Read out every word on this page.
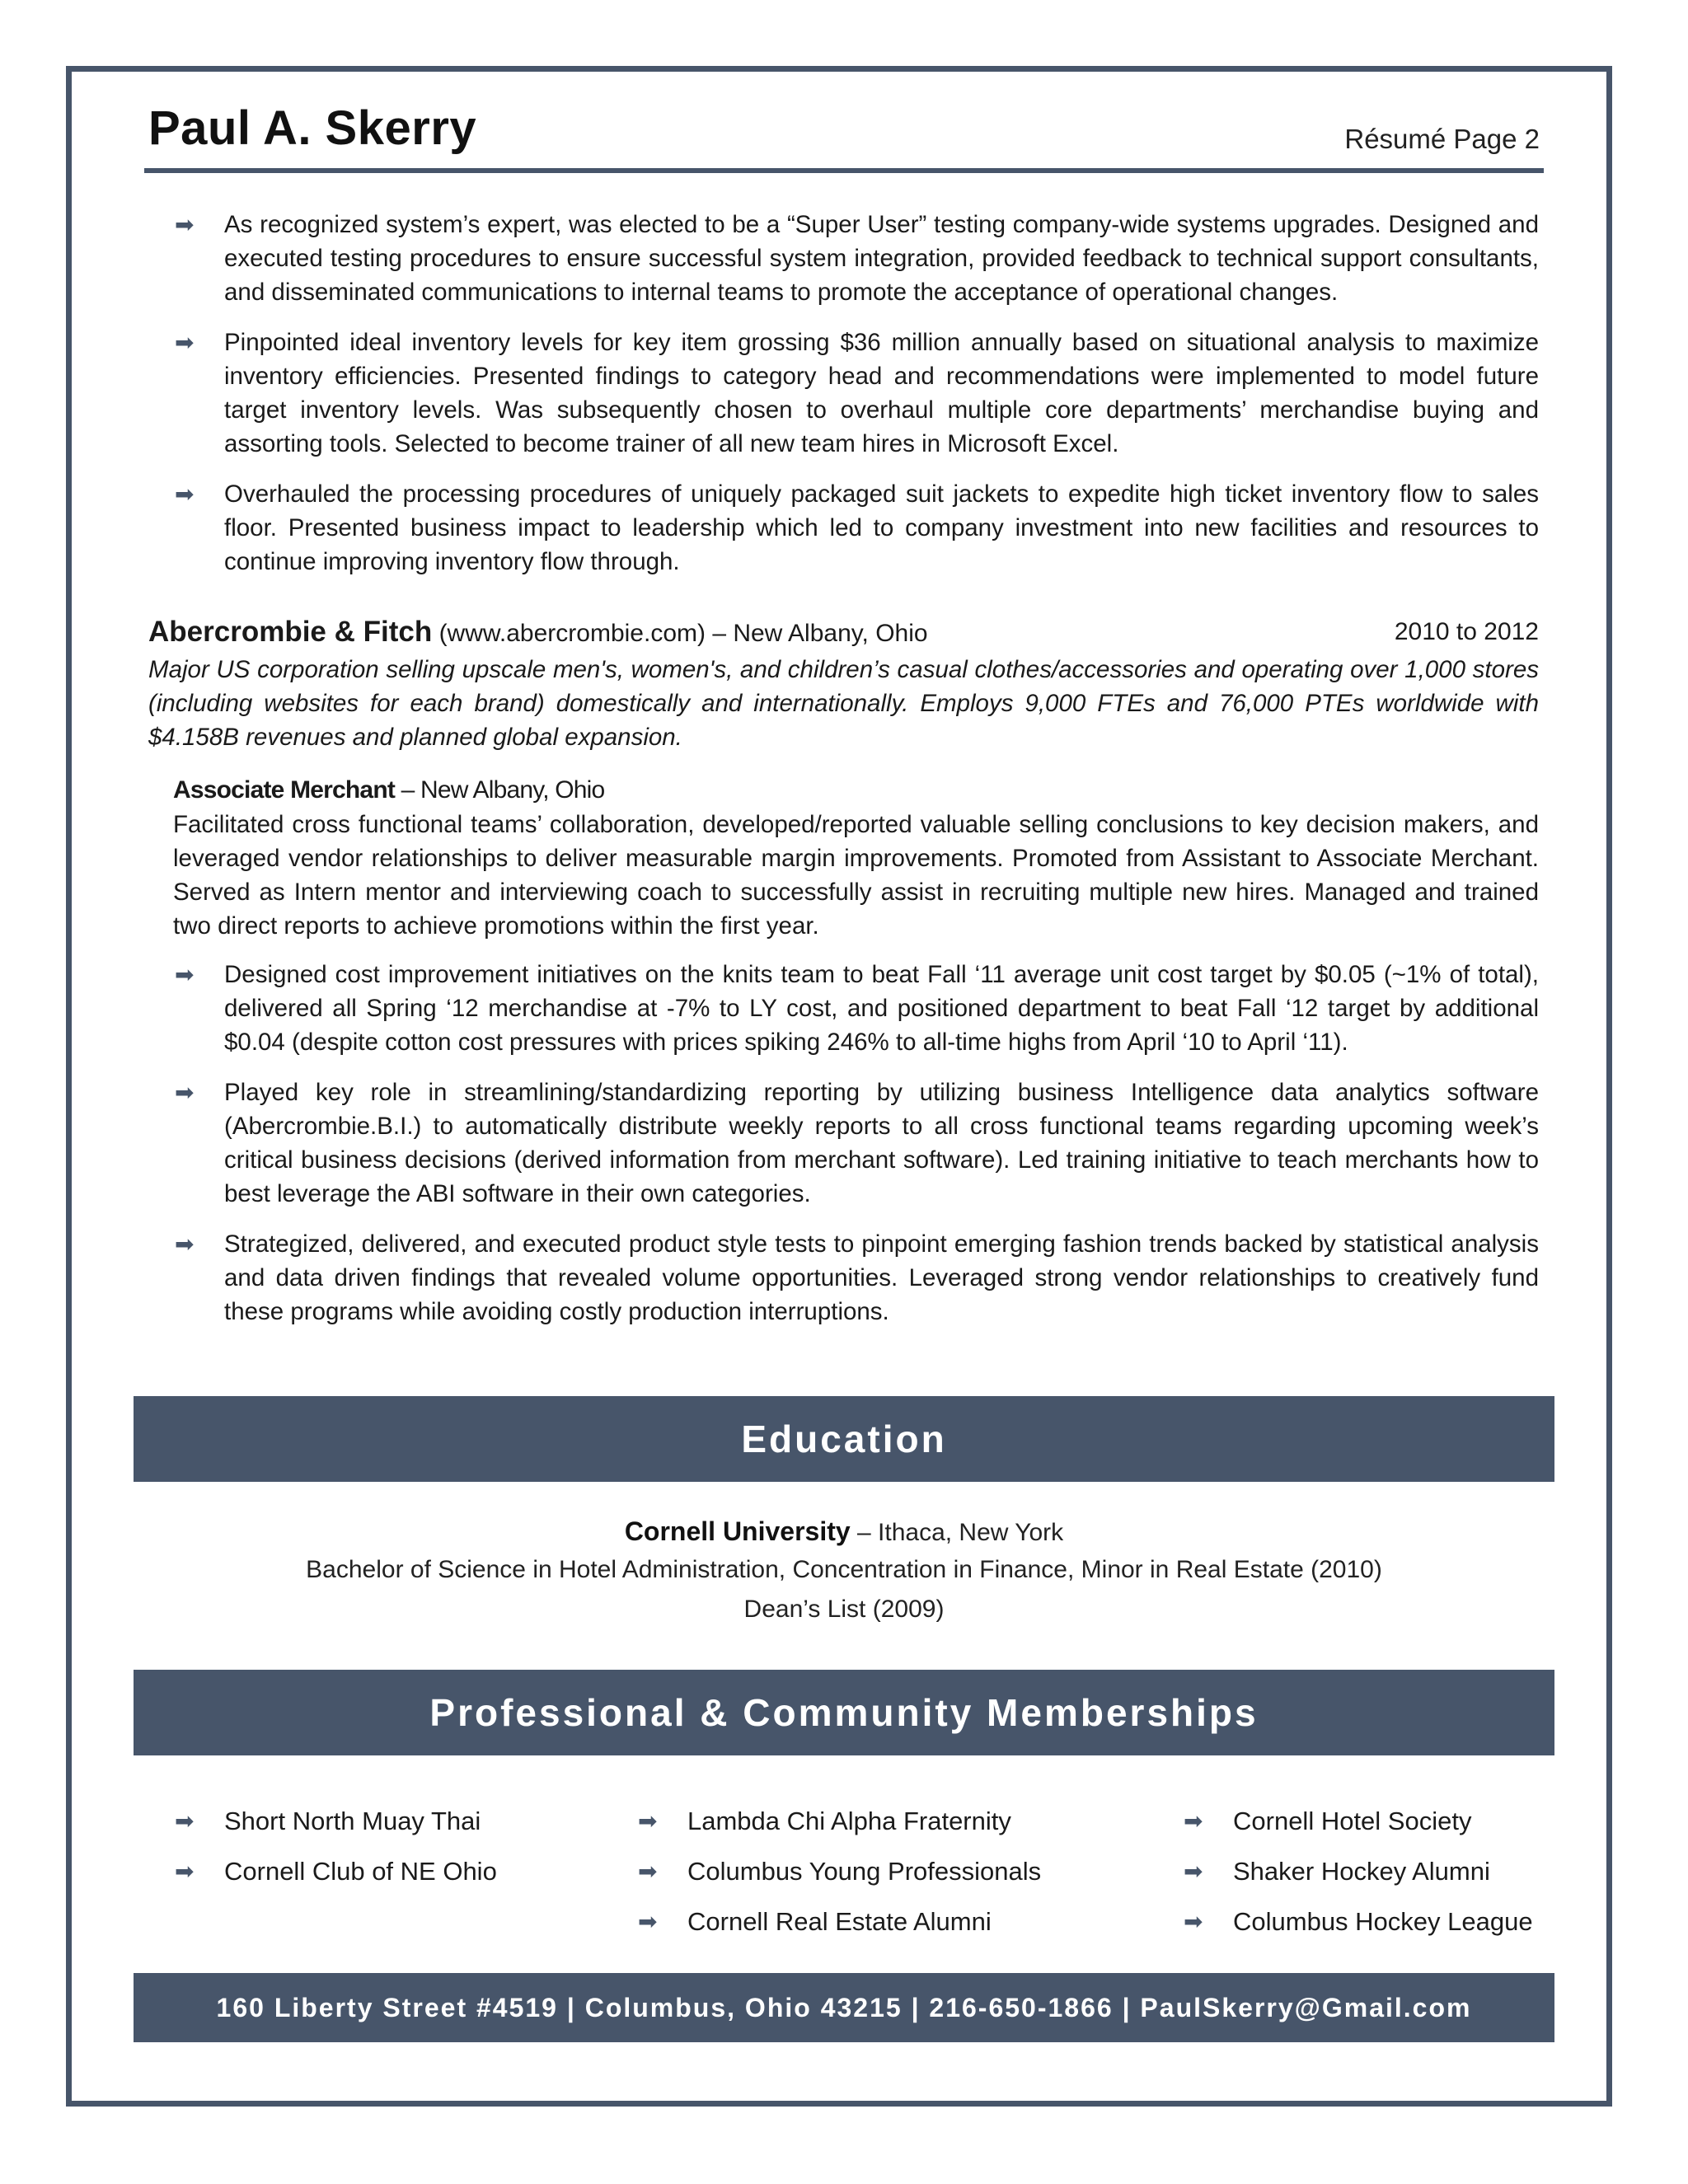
Paul A. Skerry	Résumé Page 2
➡ As recognized system’s expert, was elected to be a “Super User” testing company-wide systems upgrades. Designed and executed testing procedures to ensure successful system integration, provided feedback to technical support consultants, and disseminated communications to internal teams to promote the acceptance of operational changes.
➡ Pinpointed ideal inventory levels for key item grossing $36 million annually based on situational analysis to maximize inventory efficiencies. Presented findings to category head and recommendations were implemented to model future target inventory levels. Was subsequently chosen to overhaul multiple core departments’ merchandise buying and assorting tools. Selected to become trainer of all new team hires in Microsoft Excel.
➡ Overhauled the processing procedures of uniquely packaged suit jackets to expedite high ticket inventory flow to sales floor. Presented business impact to leadership which led to company investment into new facilities and resources to continue improving inventory flow through.
Abercrombie & Fitch (www.abercrombie.com) – New Albany, Ohio	2010 to 2012
Major US corporation selling upscale men's, women's, and children’s casual clothes/accessories and operating over 1,000 stores (including websites for each brand) domestically and internationally. Employs 9,000 FTEs and 76,000 PTEs worldwide with $4.158B revenues and planned global expansion.
Associate Merchant – New Albany, Ohio
Facilitated cross functional teams’ collaboration, developed/reported valuable selling conclusions to key decision makers, and leveraged vendor relationships to deliver measurable margin improvements. Promoted from Assistant to Associate Merchant. Served as Intern mentor and interviewing coach to successfully assist in recruiting multiple new hires. Managed and trained two direct reports to achieve promotions within the first year.
➡ Designed cost improvement initiatives on the knits team to beat Fall ‘11 average unit cost target by $0.05 (~1% of total), delivered all Spring ‘12 merchandise at -7% to LY cost, and positioned department to beat Fall ‘12 target by additional $0.04 (despite cotton cost pressures with prices spiking 246% to all-time highs from April ‘10 to April ‘11).
➡ Played key role in streamlining/standardizing reporting by utilizing business Intelligence data analytics software (Abercrombie.B.I.) to automatically distribute weekly reports to all cross functional teams regarding upcoming week’s critical business decisions (derived information from merchant software). Led training initiative to teach merchants how to best leverage the ABI software in their own categories.
➡ Strategized, delivered, and executed product style tests to pinpoint emerging fashion trends backed by statistical analysis and data driven findings that revealed volume opportunities. Leveraged strong vendor relationships to creatively fund these programs while avoiding costly production interruptions.
Education
Cornell University – Ithaca, New York
Bachelor of Science in Hotel Administration, Concentration in Finance, Minor in Real Estate (2010)
Dean’s List (2009)
Professional & Community Memberships
➡ Short North Muay Thai
➡ Cornell Club of NE Ohio
➡ Lambda Chi Alpha Fraternity
➡ Columbus Young Professionals
➡ Cornell Real Estate Alumni
➡ Cornell Hotel Society
➡ Shaker Hockey Alumni
➡ Columbus Hockey League
160 Liberty Street #4519 | Columbus, Ohio 43215 | 216-650-1866 | PaulSkerry@Gmail.com
